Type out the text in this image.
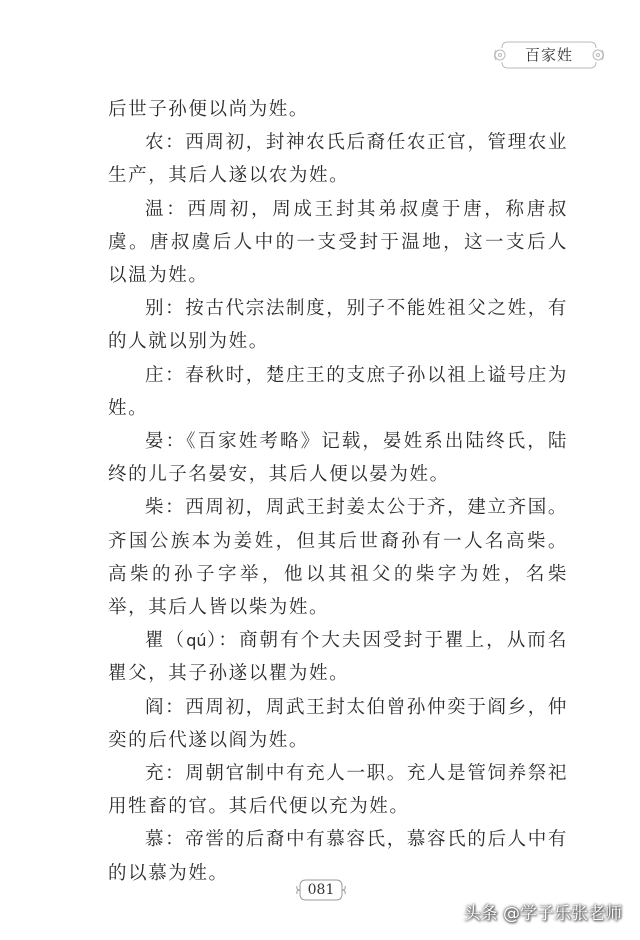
百家姓

后世子孙便以尚为姓。

农：西周初，封神农氏后裔任农正官，管理农业生产，其后人遂以农为姓。

温：西周初，周成王封其弟叔虞于唐，称唐叔虞。唐叔虞后人中的一支受封于温地，这一支后人以温为姓。

别：按古代宗法制度，别子不能姓祖父之姓，有的人就以别为姓。

庄：春秋时，楚庄王的支庶子孙以祖上谥号庄为姓。

晏：《百家姓考略》记载，晏姓系出陆终氏，陆终的儿子名晏安，其后人便以晏为姓。

柴：西周初，周武王封姜太公于齐，建立齐国。齐国公族本为姜姓，但其后世裔孙有一人名高柴。高柴的孙子字举，他以其祖父的柴字为姓，名柴举，其后人皆以柴为姓。

瞿（qú）：商朝有个大夫因受封于瞿上，从而名瞿父，其子孙遂以瞿为姓。

阎：西周初，周武王封太伯曾孙仲奕于阎乡，仲奕的后代遂以阎为姓。

充：周朝官制中有充人一职。充人是管饲养祭祀用牲畜的官。其后代便以充为姓。

慕：帝喾的后裔中有慕容氏，慕容氏的后人中有的以慕为姓。

081
头条 @学子乐张老师
